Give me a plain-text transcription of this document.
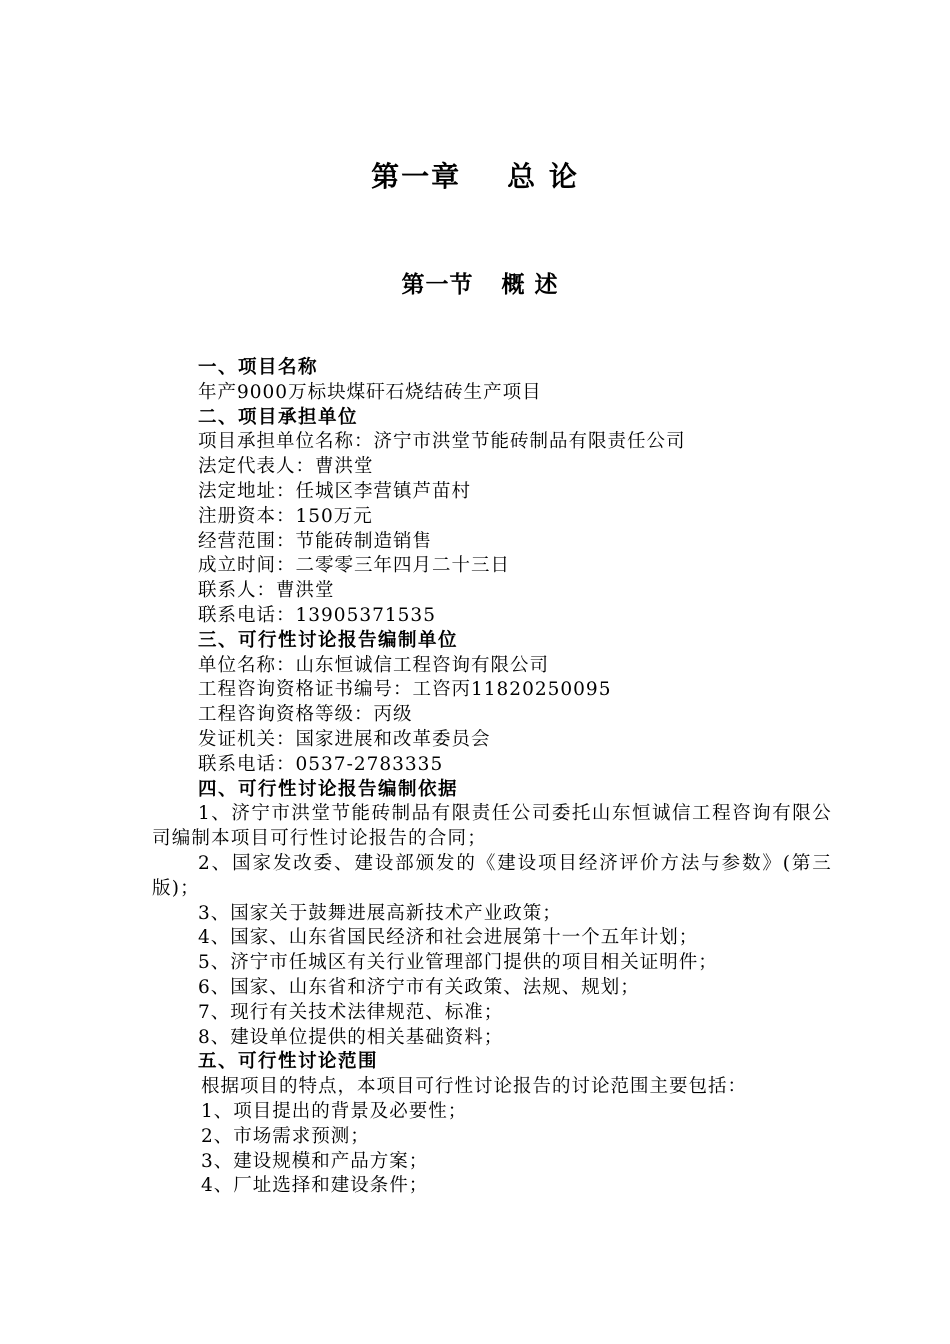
第一章 总 论
第一节 概 述
一、项目名称
年产9000万标块煤矸石烧结砖生产项目
二、项目承担单位
项目承担单位名称：济宁市洪堂节能砖制品有限责任公司
法定代表人：曹洪堂
法定地址：任城区李营镇芦苗村
注册资本：150万元
经营范围：节能砖制造销售
成立时间：二零零三年四月二十三日
联系人：曹洪堂
联系电话：13905371535
三、可行性讨论报告编制单位
单位名称：山东恒诚信工程咨询有限公司
工程咨询资格证书编号：工咨丙11820250095
工程咨询资格等级：丙级
发证机关：国家进展和改革委员会
联系电话：0537-2783335
四、可行性讨论报告编制依据
1、济宁市洪堂节能砖制品有限责任公司委托山东恒诚信工程咨询有限公司编制本项目可行性讨论报告的合同；
2、国家发改委、建设部颁发的《建设项目经济评价方法与参数》(第三版)；
3、国家关于鼓舞进展高新技术产业政策；
4、国家、山东省国民经济和社会进展第十一个五年计划；
5、济宁市任城区有关行业管理部门提供的项目相关证明件；
6、国家、山东省和济宁市有关政策、法规、规划；
7、现行有关技术法律规范、标准；
8、建设单位提供的相关基础资料；
五、可行性讨论范围
根据项目的特点，本项目可行性讨论报告的讨论范围主要包括：
1、项目提出的背景及必要性；
2、市场需求预测；
3、建设规模和产品方案；
4、厂址选择和建设条件；
